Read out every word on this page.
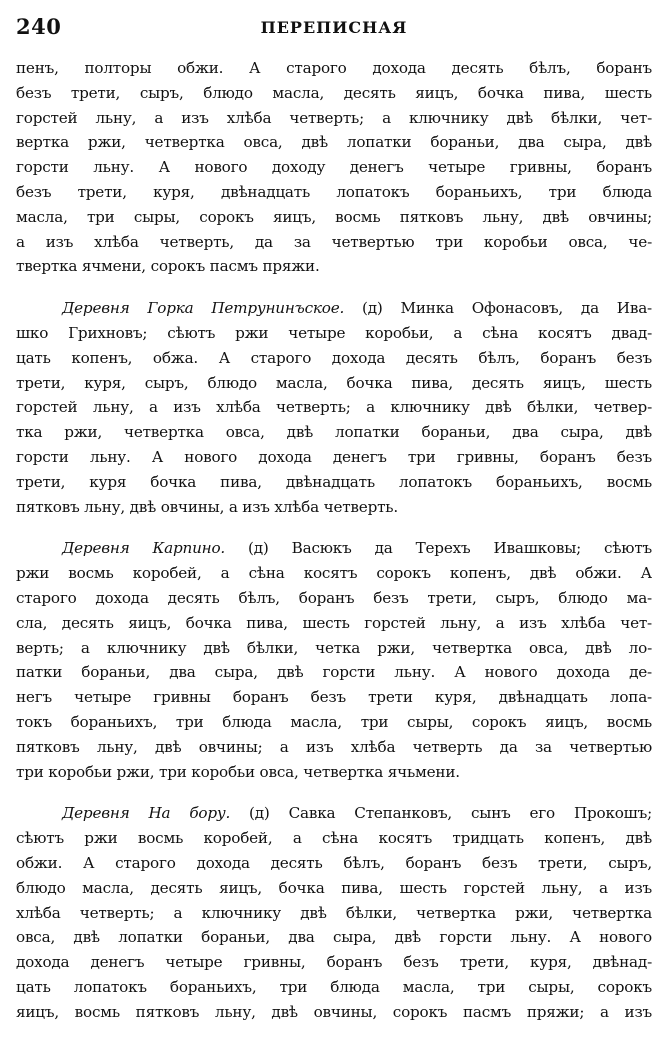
240	ПЕРЕПИСНАЯ
пенъ, полторы обжи. А старого дохода десять бѣлъ, боранъ
безъ трети, сыръ, блюдо масла, десять яицъ, бочка пива, шесть
горстей льну, а изъ хлѣба четверть; а ключнику двѣ бѣлки, чет-
вертка ржи, четвертка овса, двѣ лопатки бораньи, два сыра, двѣ
горсти льну. А нового доходу денегъ четыре гривны, боранъ
безъ трети, куря, двѣнадцать лопатокъ бораньихъ, три блюда
масла, три сыры, сорокъ яицъ, восмь пятковъ льну, двѣ овчины;
а изъ хлѣба четверть, да за четвертью три коробьи овса, че-
твертка ячмени, сорокъ пасмъ пряжи.
Деревня Горка Петрунинъское. (д) Минка Офонасовъ, да Ива-
шко Грихновъ; сѣютъ ржи четыре коробьи, а сѣна косятъ двад-
цать копенъ, обжа. А старого дохода десять бѣлъ, боранъ безъ
трети, куря, сыръ, блюдо масла, бочка пива, десять яицъ, шесть
горстей льну, а изъ хлѣба четверть; а ключнику двѣ бѣлки, четвер-
тка ржи, четвертка овса, двѣ лопатки бораньи, два сыра, двѣ
горсти льну. А нового дохода денегъ три гривны, боранъ безъ
трети, куря бочка пива, двѣнадцать лопатокъ бораньихъ, восмь
пятковъ льну, двѣ овчины, а изъ хлѣба четверть.
Деревня Карпино. (д) Васюкъ да Терехъ Ивашковы; сѣютъ
ржи восмь коробей, а сѣна косятъ сорокъ копенъ, двѣ обжи. А
старого дохода десять бѣлъ, боранъ безъ трети, сыръ, блюдо ма-
сла, десять яицъ, бочка пива, шесть горстей льну, а изъ хлѣба чет-
верть; а ключнику двѣ бѣлки, четка ржи, четвертка овса, двѣ ло-
патки бораньи, два сыра, двѣ горсти льну. А нового дохода де-
негъ четыре гривны боранъ безъ трети куря, двѣнадцать лопа-
токъ бораньихъ, три блюда масла, три сыры, сорокъ яицъ, восмь
пятковъ льну, двѣ овчины; а изъ хлѣба четверть да за четвертью
три коробьи ржи, три коробьи овса, четвертка ячьмени.
Деревня На бору. (д) Савка Степанковъ, сынъ его Прокошъ;
сѣютъ ржи восмь коробей, а сѣна косятъ тридцать копенъ, двѣ
обжи. А старого дохода десять бѣлъ, боранъ безъ трети, сыръ,
блюдо масла, десять яицъ, бочка пива, шесть горстей льну, а изъ
хлѣба четверть; а ключнику двѣ бѣлки, четвертка ржи, четвертка
овса, двѣ лопатки бораньи, два сыра, двѣ горсти льну. А нового
дохода денегъ четыре гривны, боранъ безъ трети, куря, двѣнад-
цать лопатокъ бораньихъ, три блюда масла, три сыры, сорокъ
яицъ, восмь пятковъ льну, двѣ овчины, сорокъ пасмъ пряжи; а изъ
